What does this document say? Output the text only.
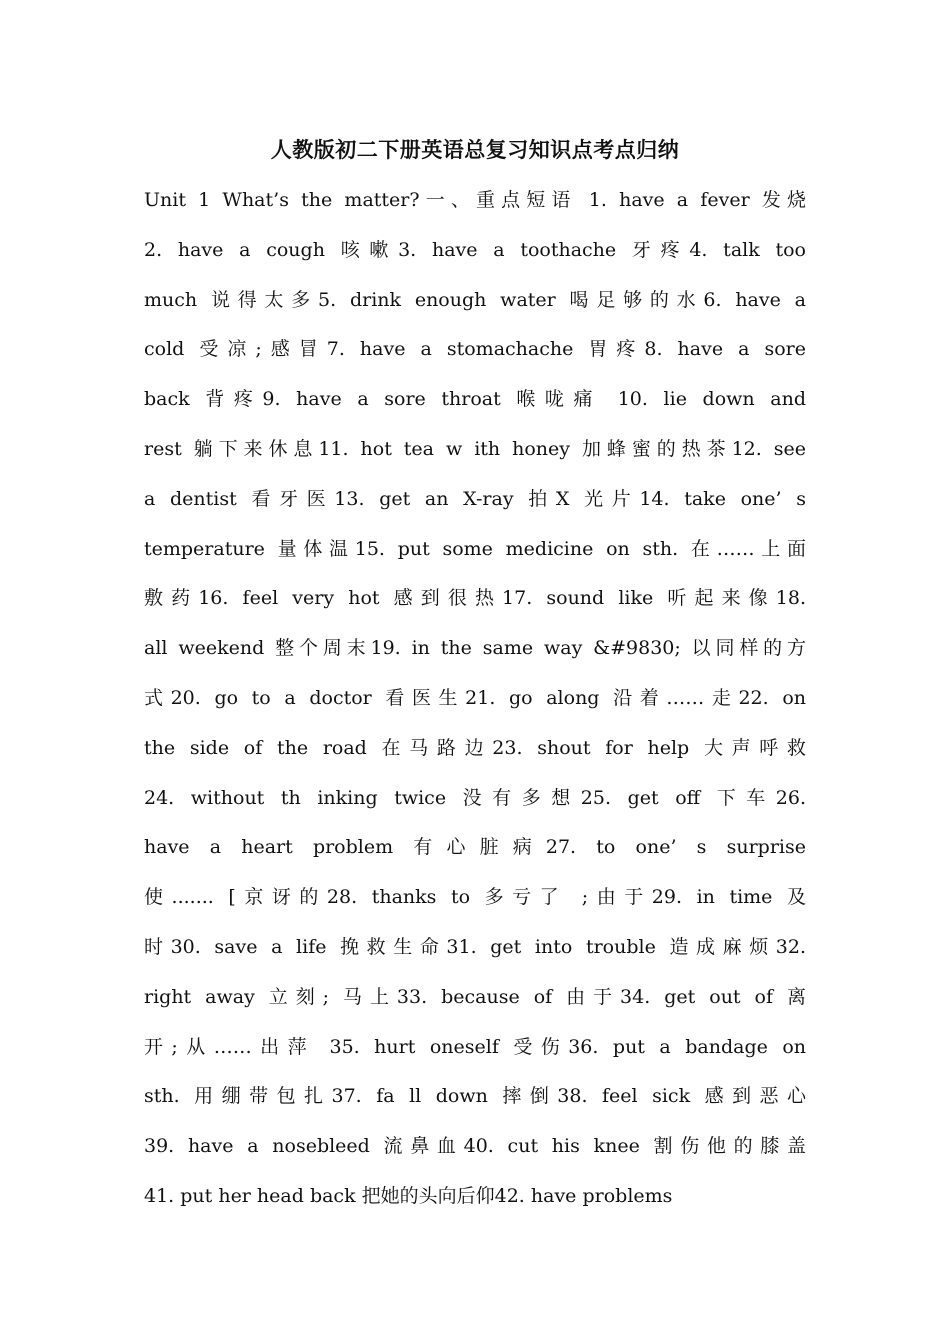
人教版初二下册英语总复习知识点考点归纳
Unit 1 What’s the matter?一、重点短语 1. have a fever 发烧
2. have a cough 咳嗽3. have a toothache 牙疼4. talk too
much 说得太多5. drink enough water 喝足够的水6. have a
cold 受凉;感冒7. have a stomachache 胃疼8. have a sore
back 背疼9. have a sore throat 喉咙痛 10. lie down and
rest 躺下来休息11. hot tea w ith honey 加蜂蜜的热茶12. see
a dentist 看牙医13. get an X-ray 拍X 光片14. take one’ s
temperature 量体温15. put some medicine on sth. 在……上面
敷药16. feel very hot 感到很热17. sound like 听起来像18.
all weekend 整个周末19. in the same way &#9830; 以同样的方
式20. go to a doctor 看医生21. go along 沿着……走22. on
the side of the road 在马路边23. shout for help 大声呼救
24. without th inking twice 没有多想25. get off 下车26.
have a heart problem 有心脏病27. to one’ s surprise
使....... [京讶的28. thanks to 多亏了 ;由于29. in time 及
时30. save a life 挽救生命31. get into trouble 造成麻烦32.
right away 立刻; 马上33. because of 由于34. get out of 离
开;从……出萍 35. hurt oneself 受伤36. put a bandage on
sth. 用绷带包扎37. fa ll down 摔倒38. feel sick 感到恶心
39. have a nosebleed 流鼻血40. cut his knee 割伤他的膝盖
41. put her head back 把她的头向后仰42. have problems
